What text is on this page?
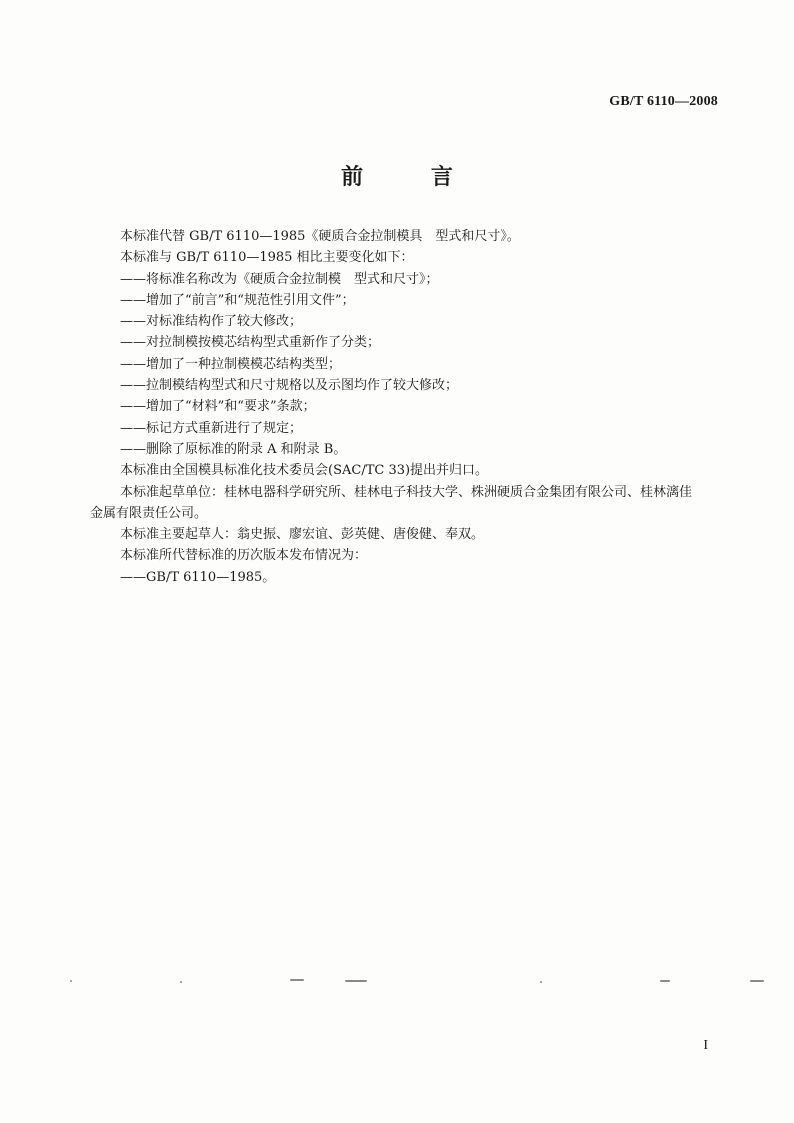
GB/T 6110—2008
前 言

本标准代替 GB/T 6110—1985《硬质合金拉制模具　型式和尺寸》。

本标准与 GB/T 6110—1985 相比主要变化如下：

——将标准名称改为《硬质合金拉制模　型式和尺寸》；

——增加了“前言”和“规范性引用文件”；

——对标准结构作了较大修改；

——对拉制模按模芯结构型式重新作了分类；

——增加了一种拉制模模芯结构类型；

——拉制模结构型式和尺寸规格以及示图均作了较大修改；

——增加了“材料”和“要求”条款；

——标记方式重新进行了规定；

——删除了原标准的附录 A 和附录 B。

本标准由全国模具标准化技术委员会(SAC/TC 33)提出并归口。

本标准起草单位：桂林电器科学研究所、桂林电子科技大学、株洲硬质合金集团有限公司、桂林漓佳
金属有限责任公司。

本标准主要起草人：翁史振、廖宏谊、彭英健、唐俊健、奉双。

本标准所代替标准的历次版本发布情况为：

——GB/T 6110—1985。

I
